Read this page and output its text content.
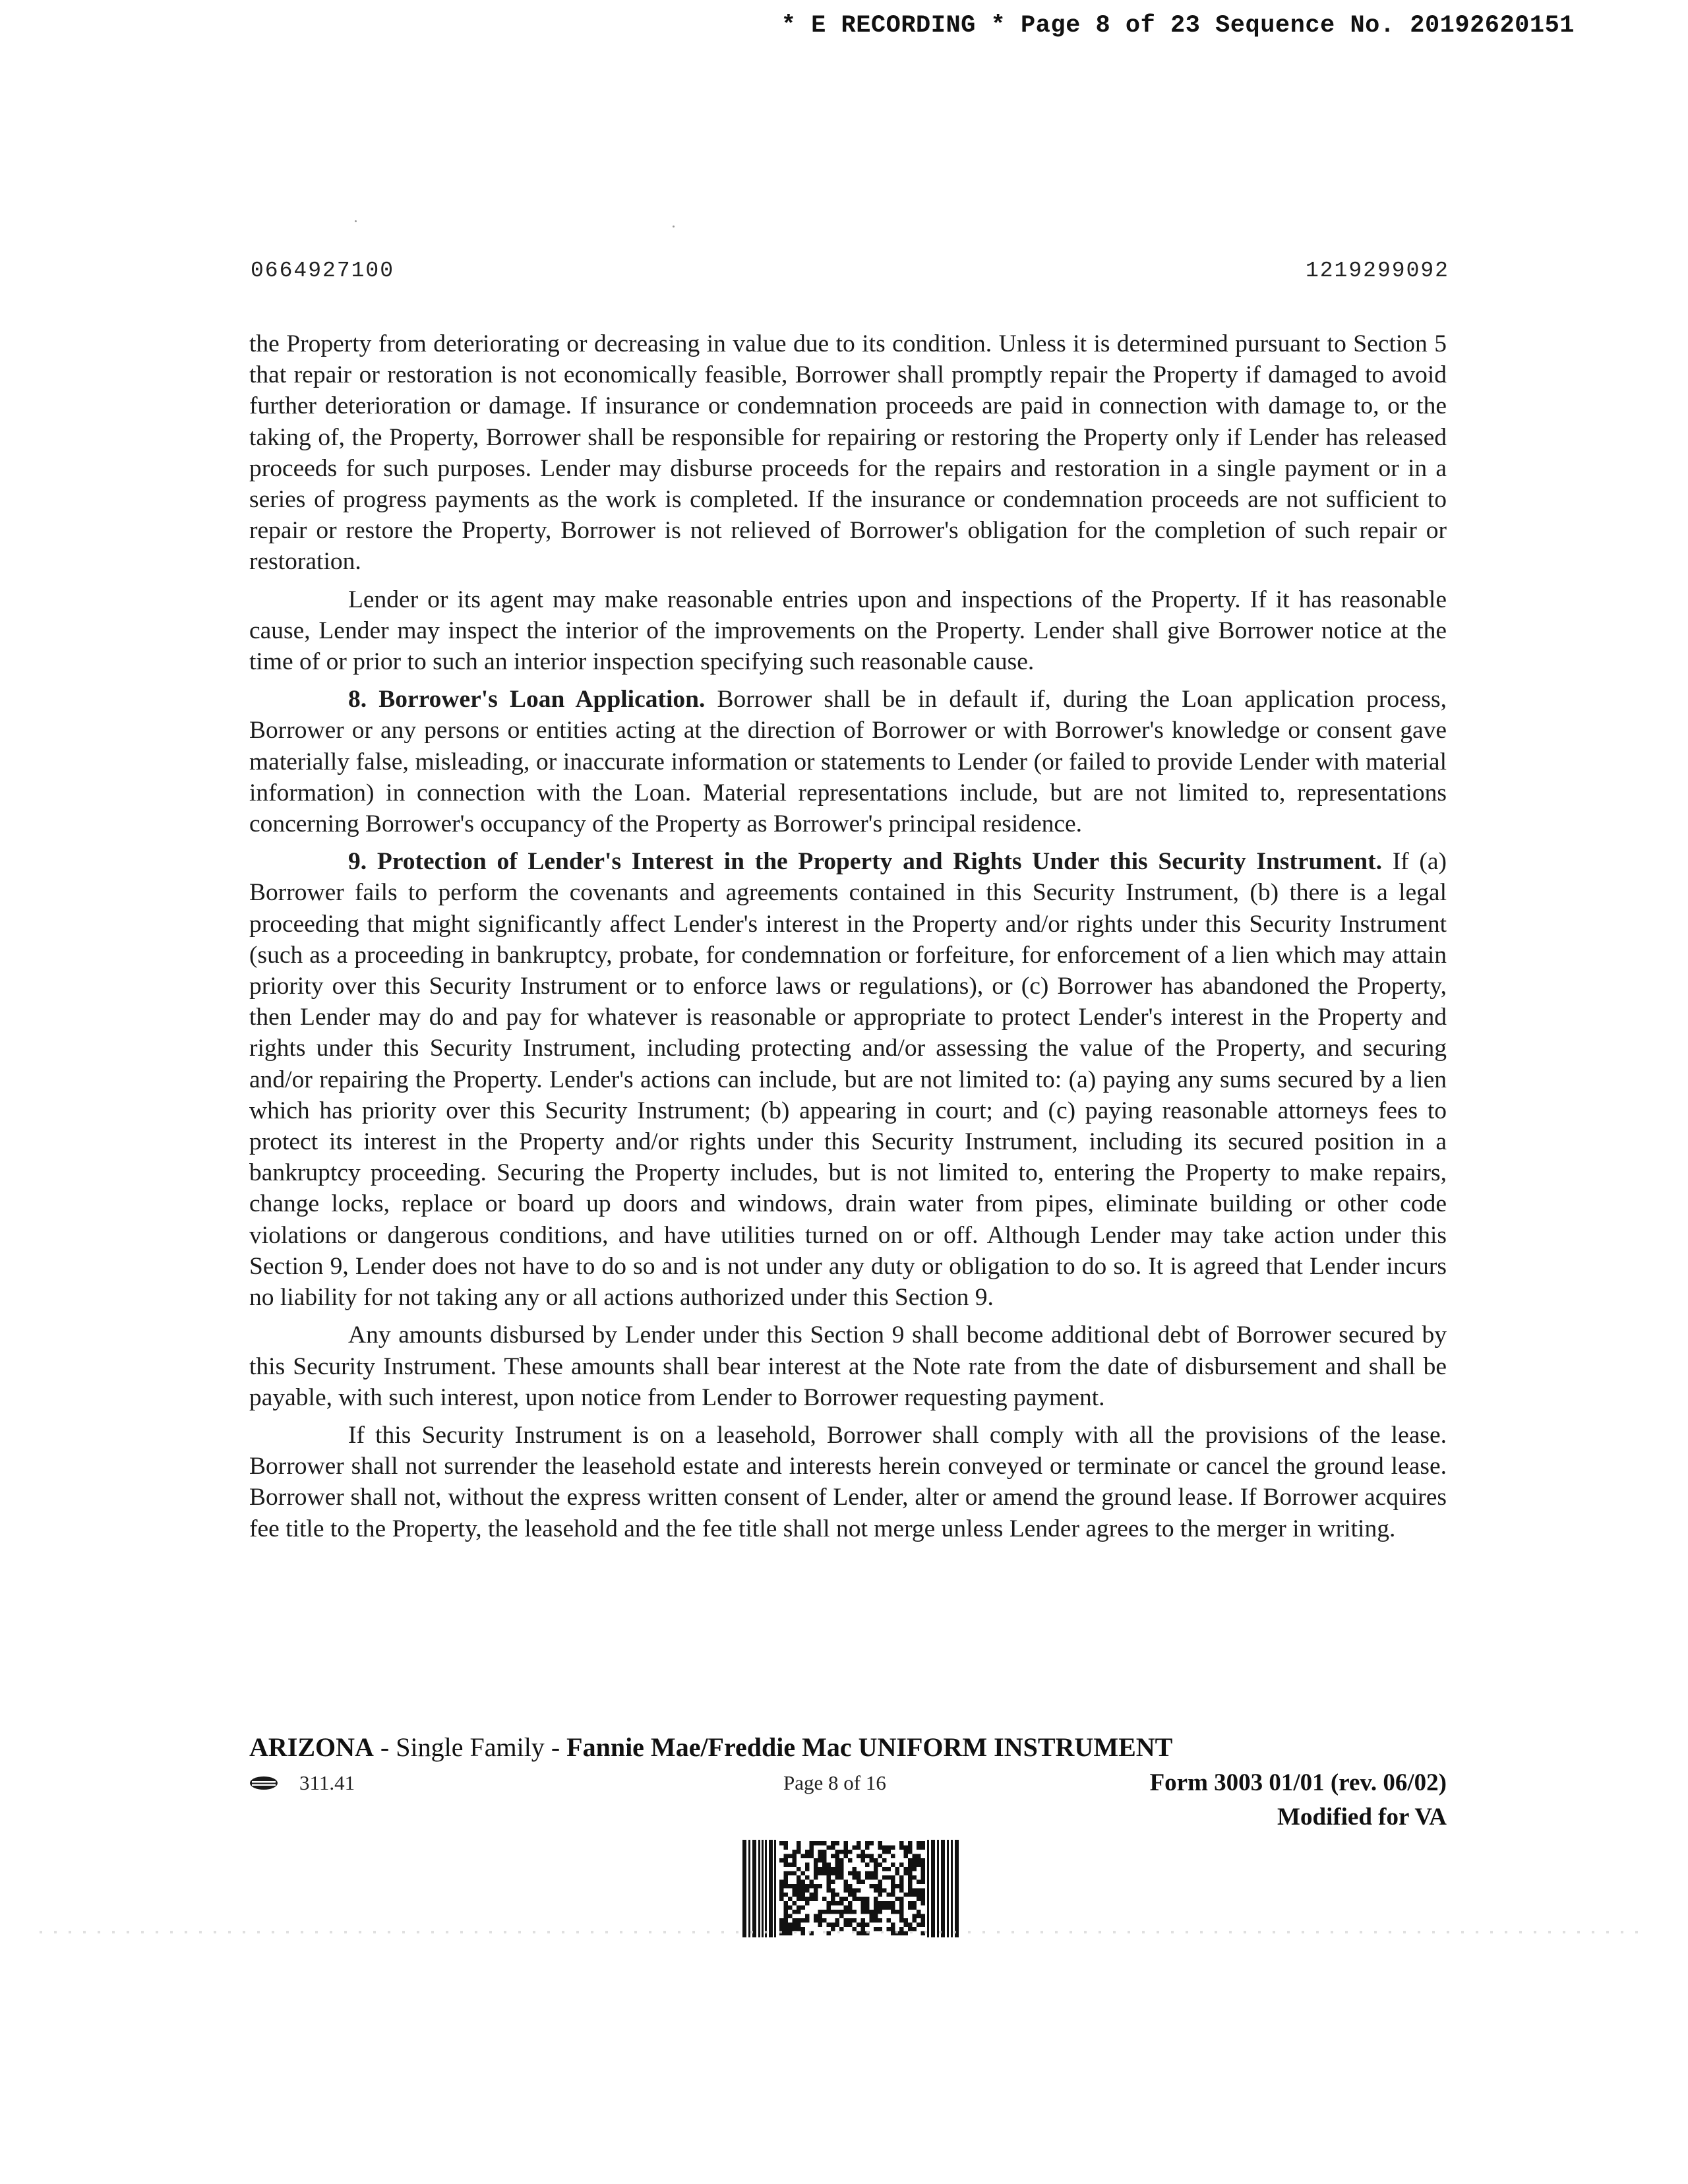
* E RECORDING * Page 8 of 23 Sequence No. 20192620151
0664927100	1219299092

the Property from deteriorating or decreasing in value due to its condition. Unless it is determined pursuant to Section 5 that repair or restoration is not economically feasible, Borrower shall promptly repair the Property if damaged to avoid further deterioration or damage. If insurance or condemnation proceeds are paid in connection with damage to, or the taking of, the Property, Borrower shall be responsible for repairing or restoring the Property only if Lender has released proceeds for such purposes. Lender may disburse proceeds for the repairs and restoration in a single payment or in a series of progress payments as the work is completed. If the insurance or condemnation proceeds are not sufficient to repair or restore the Property, Borrower is not relieved of Borrower's obligation for the completion of such repair or restoration.

Lender or its agent may make reasonable entries upon and inspections of the Property. If it has reasonable cause, Lender may inspect the interior of the improvements on the Property. Lender shall give Borrower notice at the time of or prior to such an interior inspection specifying such reasonable cause.

8. Borrower's Loan Application. Borrower shall be in default if, during the Loan application process, Borrower or any persons or entities acting at the direction of Borrower or with Borrower's knowledge or consent gave materially false, misleading, or inaccurate information or statements to Lender (or failed to provide Lender with material information) in connection with the Loan. Material representations include, but are not limited to, representations concerning Borrower's occupancy of the Property as Borrower's principal residence.

9. Protection of Lender's Interest in the Property and Rights Under this Security Instrument. If (a) Borrower fails to perform the covenants and agreements contained in this Security Instrument, (b) there is a legal proceeding that might significantly affect Lender's interest in the Property and/or rights under this Security Instrument (such as a proceeding in bankruptcy, probate, for condemnation or forfeiture, for enforcement of a lien which may attain priority over this Security Instrument or to enforce laws or regulations), or (c) Borrower has abandoned the Property, then Lender may do and pay for whatever is reasonable or appropriate to protect Lender's interest in the Property and rights under this Security Instrument, including protecting and/or assessing the value of the Property, and securing and/or repairing the Property. Lender's actions can include, but are not limited to: (a) paying any sums secured by a lien which has priority over this Security Instrument; (b) appearing in court; and (c) paying reasonable attorneys fees to protect its interest in the Property and/or rights under this Security Instrument, including its secured position in a bankruptcy proceeding. Securing the Property includes, but is not limited to, entering the Property to make repairs, change locks, replace or board up doors and windows, drain water from pipes, eliminate building or other code violations or dangerous conditions, and have utilities turned on or off. Although Lender may take action under this Section 9, Lender does not have to do so and is not under any duty or obligation to do so. It is agreed that Lender incurs no liability for not taking any or all actions authorized under this Section 9.

Any amounts disbursed by Lender under this Section 9 shall become additional debt of Borrower secured by this Security Instrument. These amounts shall bear interest at the Note rate from the date of disbursement and shall be payable, with such interest, upon notice from Lender to Borrower requesting payment.

If this Security Instrument is on a leasehold, Borrower shall comply with all the provisions of the lease. Borrower shall not surrender the leasehold estate and interests herein conveyed or terminate or cancel the ground lease. Borrower shall not, without the express written consent of Lender, alter or amend the ground lease. If Borrower acquires fee title to the Property, the leasehold and the fee title shall not merge unless Lender agrees to the merger in writing.

ARIZONA - Single Family - Fannie Mae/Freddie Mac UNIFORM INSTRUMENT
311.41	Page 8 of 16	Form 3003 01/01 (rev. 06/02)
Modified for VA
